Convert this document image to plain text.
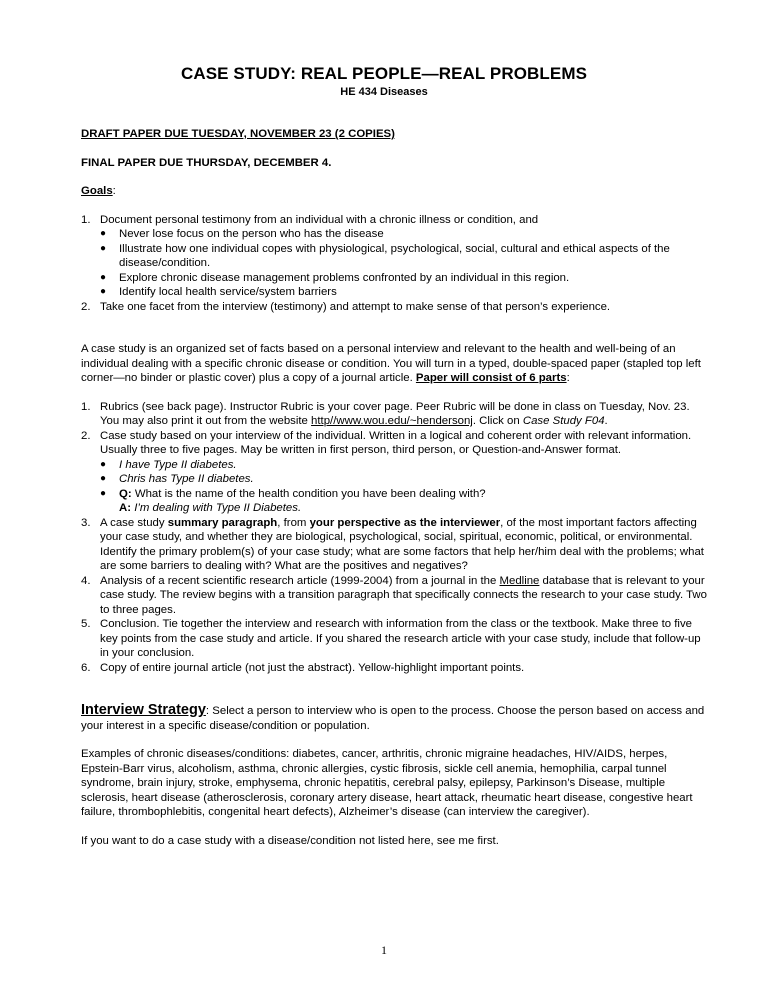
CASE STUDY: REAL PEOPLE—REAL PROBLEMS
HE 434 Diseases

DRAFT PAPER DUE TUESDAY, NOVEMBER 23 (2 COPIES)

FINAL PAPER DUE THURSDAY, DECEMBER 4.

Goals:

1. Document personal testimony from an individual with a chronic illness or condition, and
● Never lose focus on the person who has the disease
● Illustrate how one individual copes with physiological, psychological, social, cultural and ethical aspects of the disease/condition.
● Explore chronic disease management problems confronted by an individual in this region.
● Identify local health service/system barriers
2. Take one facet from the interview (testimony) and attempt to make sense of that person’s experience.

A case study is an organized set of facts based on a personal interview and relevant to the health and well-being of an individual dealing with a specific chronic disease or condition. You will turn in a typed, double-spaced paper (stapled top left corner—no binder or plastic cover) plus a copy of a journal article. Paper will consist of 6 parts:

1. Rubrics (see back page). Instructor Rubric is your cover page. Peer Rubric will be done in class on Tuesday, Nov. 23. You may also print it out from the website http//www.wou.edu/~hendersonj. Click on Case Study F04.
2. Case study based on your interview of the individual. Written in a logical and coherent order with relevant information. Usually three to five pages. May be written in first person, third person, or Question-and-Answer format.
● I have Type II diabetes.
● Chris has Type II diabetes.
● Q: What is the name of the health condition you have been dealing with?
A: I’m dealing with Type II Diabetes.
3. A case study summary paragraph, from your perspective as the interviewer, of the most important factors affecting your case study, and whether they are biological, psychological, social, spiritual, economic, political, or environmental. Identify the primary problem(s) of your case study; what are some factors that help her/him deal with the problems; what are some barriers to dealing with? What are the positives and negatives?
4. Analysis of a recent scientific research article (1999-2004) from a journal in the Medline database that is relevant to your case study. The review begins with a transition paragraph that specifically connects the research to your case study. Two to three pages.
5. Conclusion. Tie together the interview and research with information from the class or the textbook. Make three to five key points from the case study and article. If you shared the research article with your case study, include that follow-up in your conclusion.
6. Copy of entire journal article (not just the abstract). Yellow-highlight important points.

Interview Strategy: Select a person to interview who is open to the process. Choose the person based on access and your interest in a specific disease/condition or population.

Examples of chronic diseases/conditions: diabetes, cancer, arthritis, chronic migraine headaches, HIV/AIDS, herpes, Epstein-Barr virus, alcoholism, asthma, chronic allergies, cystic fibrosis, sickle cell anemia, hemophilia, carpal tunnel syndrome, brain injury, stroke, emphysema, chronic hepatitis, cerebral palsy, epilepsy, Parkinson’s Disease, multiple sclerosis, heart disease (atherosclerosis, coronary artery disease, heart attack, rheumatic heart disease, congestive heart failure, thrombophlebitis, congenital heart defects), Alzheimer’s disease (can interview the caregiver).

If you want to do a case study with a disease/condition not listed here, see me first.

1
